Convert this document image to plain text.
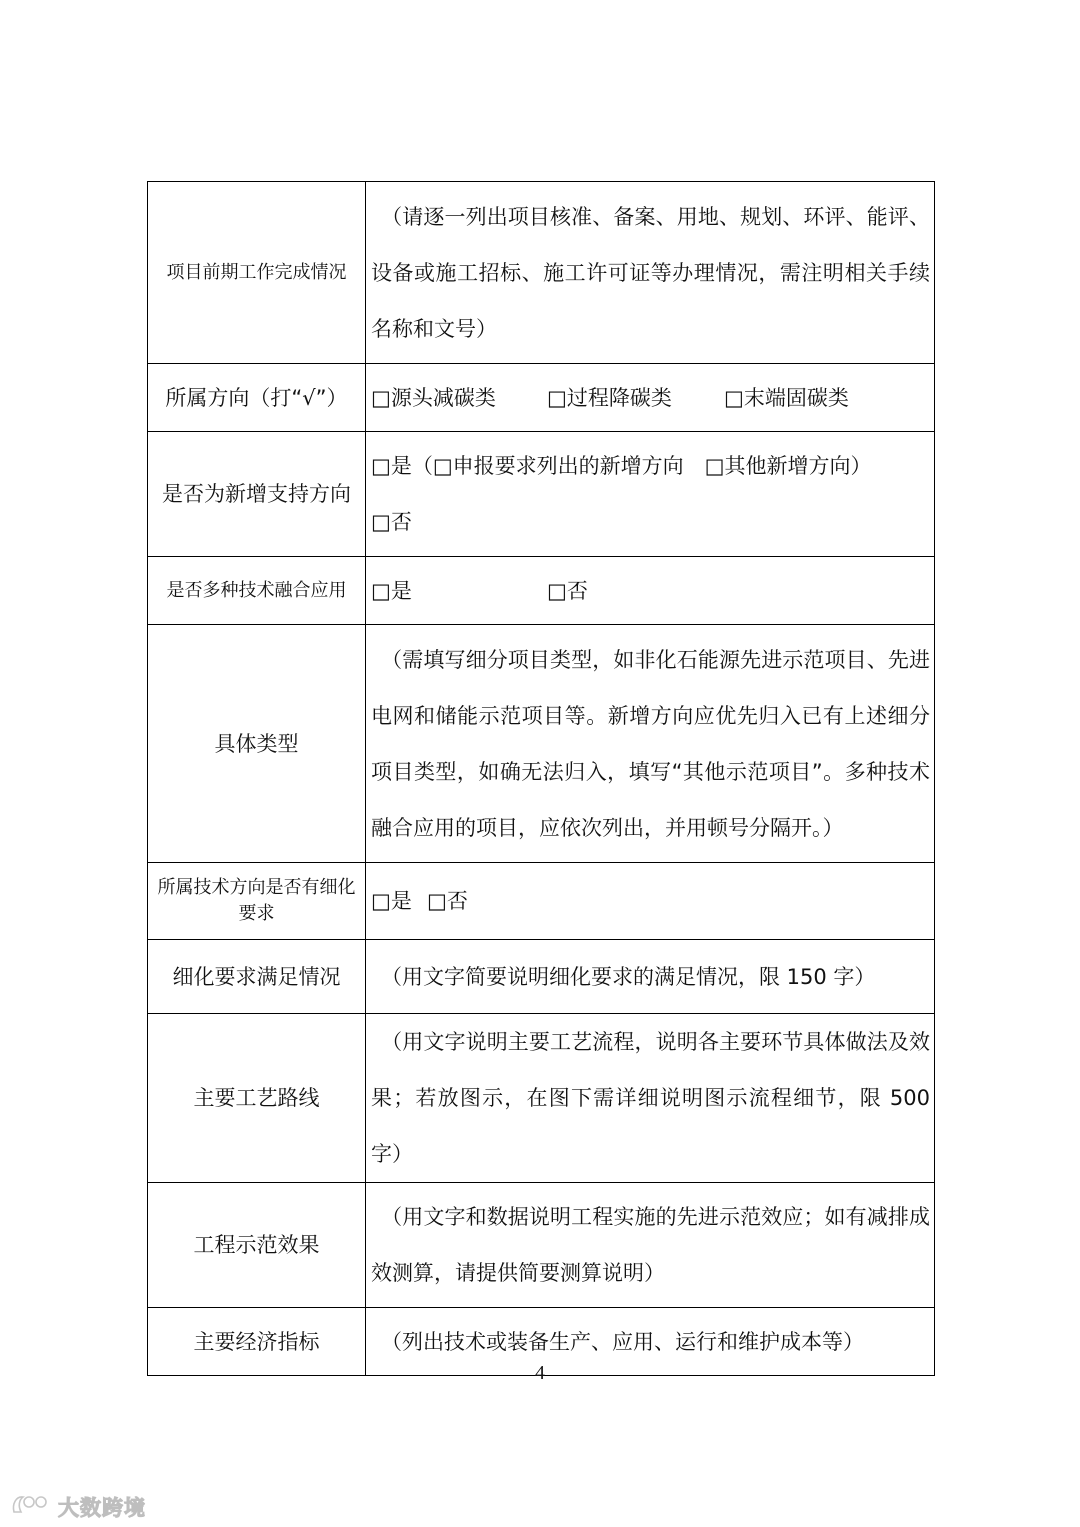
项目前期工作完成情况	（请逐一列出项目核准、备案、用地、规划、环评、能评、设备或施工招标、施工许可证等办理情况，需注明相关手续名称和文号）

所属方向（打“√”）	□源头减碳类 □过程降碳类 □末端固碳类

是否为新增支持方向	□是（□申报要求列出的新增方向　□其他新增方向）
□否

是否多种技术融合应用	□是 □否

具体类型	（需填写细分项目类型，如非化石能源先进示范项目、先进电网和储能示范项目等。新增方向应优先归入已有上述细分项目类型，如确无法归入，填写“其他示范项目”。多种技术融合应用的项目，应依次列出，并用顿号分隔开。）

所属技术方向是否有细化要求	□是 □否

细化要求满足情况	（用文字简要说明细化要求的满足情况，限 150 字）

主要工艺路线	（用文字说明主要工艺流程，说明各主要环节具体做法及效果；若放图示，在图下需详细说明图示流程细节，限 500 字）

工程示范效果	（用文字和数据说明工程实施的先进示范效应；如有减排成效测算，请提供简要测算说明）

主要经济指标	（列出技术或装备生产、应用、运行和维护成本等）
4
大数跨境
